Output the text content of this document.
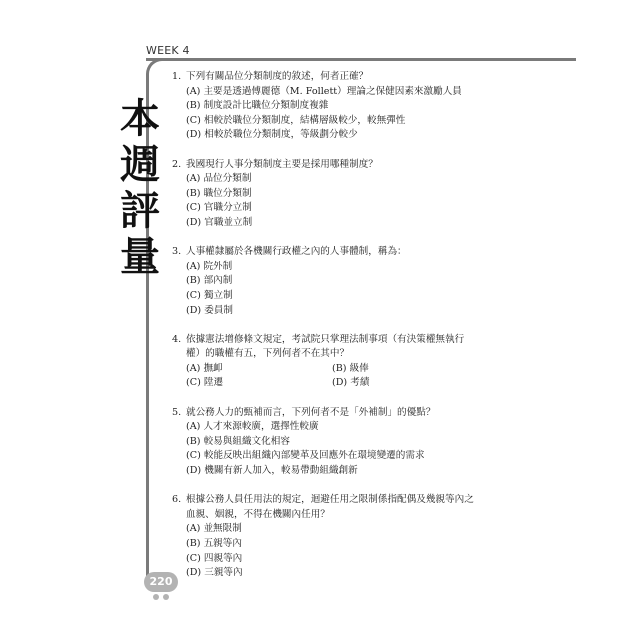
WEEK 4
本
週
評
量
1. 下列有關品位分類制度的敘述，何者正確？
(A) 主要是透過傅麗德（M. Follett）理論之保健因素來激勵人員
(B) 制度設計比職位分類制度複雜
(C) 相較於職位分類制度，結構層級較少，較無彈性
(D) 相較於職位分類制度，等級劃分較少
2. 我國現行人事分類制度主要是採用哪種制度？
(A) 品位分類制
(B) 職位分類制
(C) 官職分立制
(D) 官職並立制
3. 人事權隸屬於各機關行政權之內的人事體制，稱為：
(A) 院外制
(B) 部內制
(C) 獨立制
(D) 委員制
4. 依據憲法增修條文規定，考試院只掌理法制事項（有決策權無執行
權）的職權有五，下列何者不在其中？
(A) 撫卹	(B) 級俸
(C) 陞遷	(D) 考績
5. 就公務人力的甄補而言，下列何者不是「外補制」的優點？
(A) 人才來源較廣，選擇性較廣
(B) 較易與組織文化相容
(C) 較能反映出組織內部變革及回應外在環境變遷的需求
(D) 機關有新人加入，較易帶動組織創新
6. 根據公務人員任用法的規定，迴避任用之限制係指配偶及幾親等內之
血親、姻親，不得在機關內任用？
(A) 並無限制
(B) 五親等內
(C) 四親等內
(D) 三親等內
220
